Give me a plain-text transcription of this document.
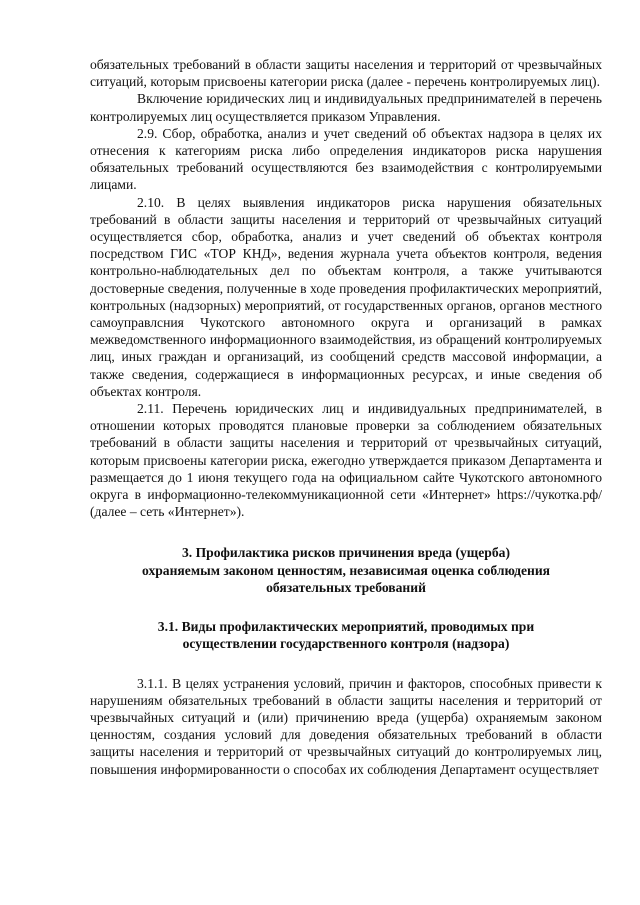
обязательных требований в области защиты населения и территорий от чрезвычайных ситуаций, которым присвоены категории риска (далее - перечень контролируемых лиц).

Включение юридических лиц и индивидуальных предпринимателей в перечень контролируемых лиц осуществляется приказом Управления.

2.9. Сбор, обработка, анализ и учет сведений об объектах надзора в целях их отнесения к категориям риска либо определения индикаторов риска нарушения обязательных требований осуществляются без взаимодействия с контролируемыми лицами.

2.10. В целях выявления индикаторов риска нарушения обязательных требований в области защиты населения и территорий от чрезвычайных ситуаций осуществляется сбор, обработка, анализ и учет сведений об объектах контроля посредством ГИС «ТОР КНД», ведения журнала учета объектов контроля, ведения контрольно-наблюдательных дел по объектам контроля, а также учитываются достоверные сведения, полученные в ходе проведения профилактических мероприятий, контрольных (надзорных) мероприятий, от государственных органов, органов местного самоуправлсния Чукотского автономного округа и организаций в рамках межведомственного информационного взаимодействия, из обращений контролируемых лиц, иных граждан и организаций, из сообщений средств массовой информации, а также сведения, содержащиеся в информационных ресурсах, и иные сведения об объектах контроля.

2.11. Перечень юридических лиц и индивидуальных предпринимателей, в отношении которых проводятся плановые проверки за соблюдением обязательных требований в области защиты населения и территорий от чрезвычайных ситуаций, которым присвоены категории риска, ежегодно утверждается приказом Департамента и размещается до 1 июня текущего года на официальном сайте Чукотского автономного округа в информационно-телекоммуникационной сети «Интернет» https://чукотка.рф/ (далее – сеть «Интернет»).

3. Профилактика рисков причинения вреда (ущерба)

охраняемым законом ценностям, независимая оценка соблюдения

обязательных требований

3.1. Виды профилактических мероприятий, проводимых при

осуществлении государственного контроля (надзора)

3.1.1. В целях устранения условий, причин и факторов, способных привести к нарушениям обязательных требований в области защиты населения и территорий от чрезвычайных ситуаций и (или) причинению вреда (ущерба) охраняемым законом ценностям, создания условий для доведения обязательных требований в области защиты населения и территорий от чрезвычайных ситуаций до контролируемых лиц, повышения информированности о способах их соблюдения Департамент осуществляет
